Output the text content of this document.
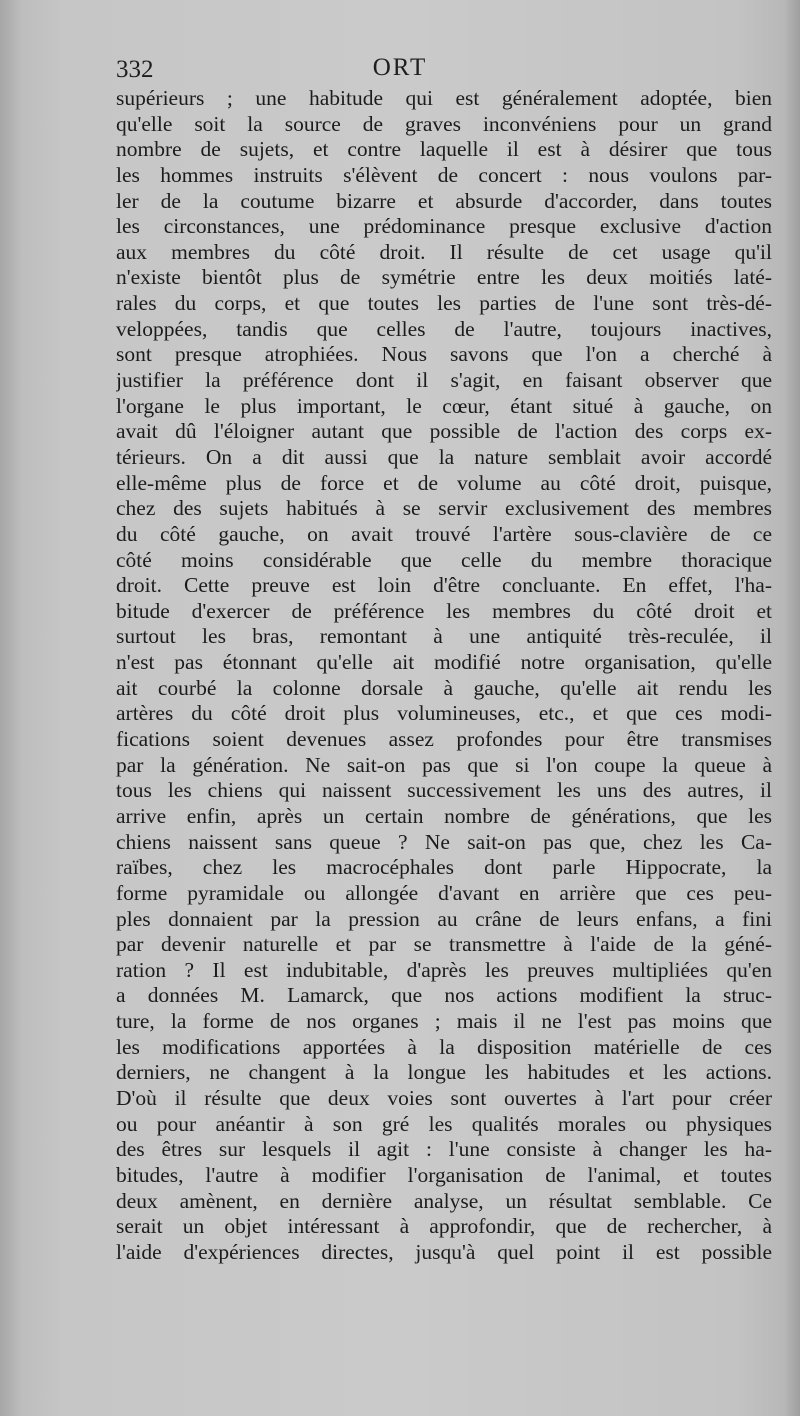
332	ORT
supérieurs ; une habitude qui est généralement adoptée, bien
qu'elle soit la source de graves inconvéniens pour un grand
nombre de sujets, et contre laquelle il est à désirer que tous
les hommes instruits s'élèvent de concert : nous voulons par-
ler de la coutume bizarre et absurde d'accorder, dans toutes
les circonstances, une prédominance presque exclusive d'action
aux membres du côté droit. Il résulte de cet usage qu'il
n'existe bientôt plus de symétrie entre les deux moitiés laté-
rales du corps, et que toutes les parties de l'une sont très-dé-
veloppées, tandis que celles de l'autre, toujours inactives,
sont presque atrophiées. Nous savons que l'on a cherché à
justifier la préférence dont il s'agit, en faisant observer que
l'organe le plus important, le cœur, étant situé à gauche, on
avait dû l'éloigner autant que possible de l'action des corps ex-
térieurs. On a dit aussi que la nature semblait avoir accordé
elle-même plus de force et de volume au côté droit, puisque,
chez des sujets habitués à se servir exclusivement des membres
du côté gauche, on avait trouvé l'artère sous-clavière de ce
côté moins considérable que celle du membre thoracique
droit. Cette preuve est loin d'être concluante. En effet, l'ha-
bitude d'exercer de préférence les membres du côté droit et
surtout les bras, remontant à une antiquité très-reculée, il
n'est pas étonnant qu'elle ait modifié notre organisation, qu'elle
ait courbé la colonne dorsale à gauche, qu'elle ait rendu les
artères du côté droit plus volumineuses, etc., et que ces modi-
fications soient devenues assez profondes pour être transmises
par la génération. Ne sait-on pas que si l'on coupe la queue à
tous les chiens qui naissent successivement les uns des autres, il
arrive enfin, après un certain nombre de générations, que les
chiens naissent sans queue ? Ne sait-on pas que, chez les Ca-
raïbes, chez les macrocéphales dont parle Hippocrate, la
forme pyramidale ou allongée d'avant en arrière que ces peu-
ples donnaient par la pression au crâne de leurs enfans, a fini
par devenir naturelle et par se transmettre à l'aide de la géné-
ration ? Il est indubitable, d'après les preuves multipliées qu'en
a données M. Lamarck, que nos actions modifient la struc-
ture, la forme de nos organes ; mais il ne l'est pas moins que
les modifications apportées à la disposition matérielle de ces
derniers, ne changent à la longue les habitudes et les actions.
D'où il résulte que deux voies sont ouvertes à l'art pour créer
ou pour anéantir à son gré les qualités morales ou physiques
des êtres sur lesquels il agit : l'une consiste à changer les ha-
bitudes, l'autre à modifier l'organisation de l'animal, et toutes
deux amènent, en dernière analyse, un résultat semblable. Ce
serait un objet intéressant à approfondir, que de rechercher, à
l'aide d'expériences directes, jusqu'à quel point il est possible
